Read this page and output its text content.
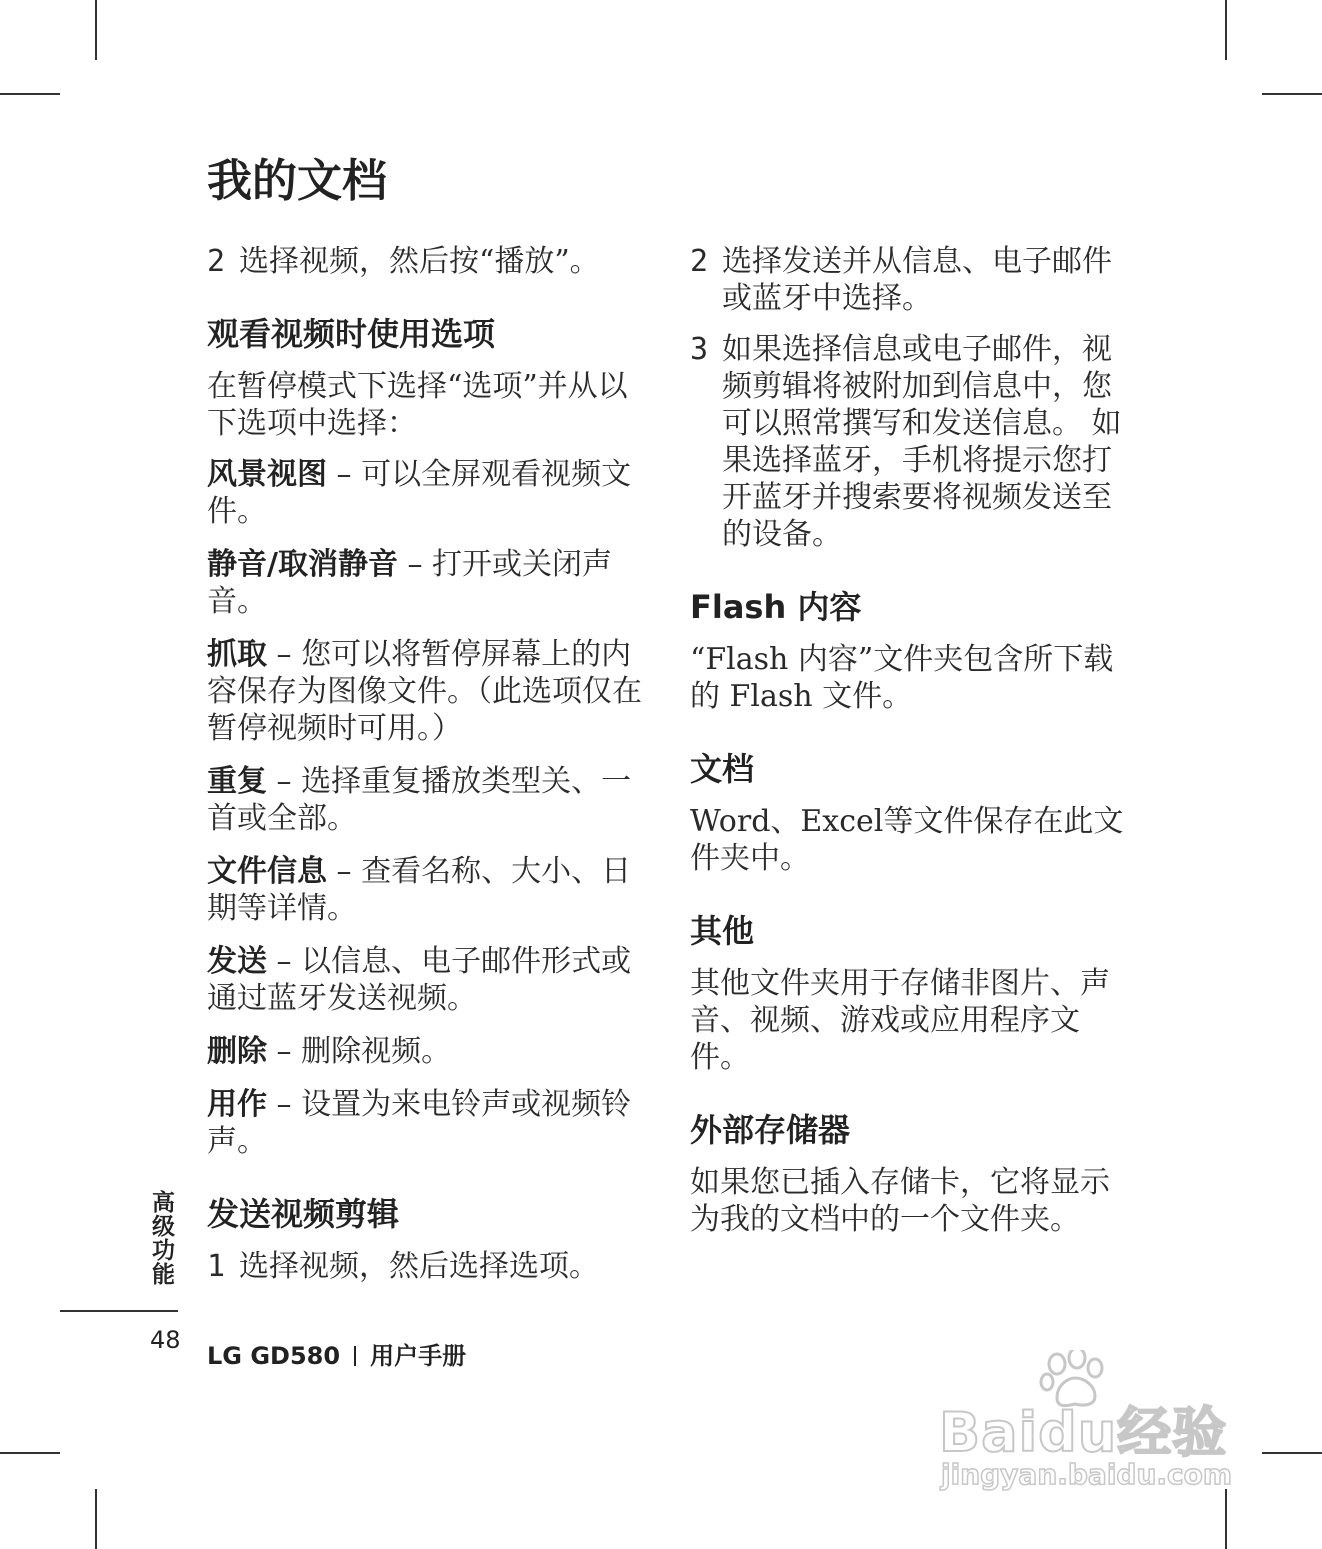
我的文档
2 选择视频，然后按“播放”。
观看视频时使用选项
在暂停模式下选择“选项”并从以下选项中选择：
风景视图 – 可以全屏观看视频文件。
静音/取消静音 – 打开或关闭声音。
抓取 – 您可以将暂停屏幕上的内容保存为图像文件。（此选项仅在暂停视频时可用。）
重复 – 选择重复播放类型关、一首或全部。
文件信息 – 查看名称、大小、日期等详情。
发送 – 以信息、电子邮件形式或通过蓝牙发送视频。
删除 – 删除视频。
用作 – 设置为来电铃声或视频铃声。
发送视频剪辑
1 选择视频，然后选择选项。
2 选择发送并从信息、电子邮件或蓝牙中选择。
3 如果选择信息或电子邮件，视频剪辑将被附加到信息中，您可以照常撰写和发送信息。 如果选择蓝牙，手机将提示您打开蓝牙并搜索要将视频发送至的设备。
Flash 内容
“Flash 内容”文件夹包含所下载的 Flash 文件。
文档
Word、Excel等文件保存在此文件夹中。
其他
其他文件夹用于存储非图片、声音、视频、游戏或应用程序文件。
外部存储器
如果您已插入存储卡，它将显示为我的文档中的一个文件夹。
高级功能
48
LG GD580 用户手册
Baidu经验
jingyan.baidu.com
